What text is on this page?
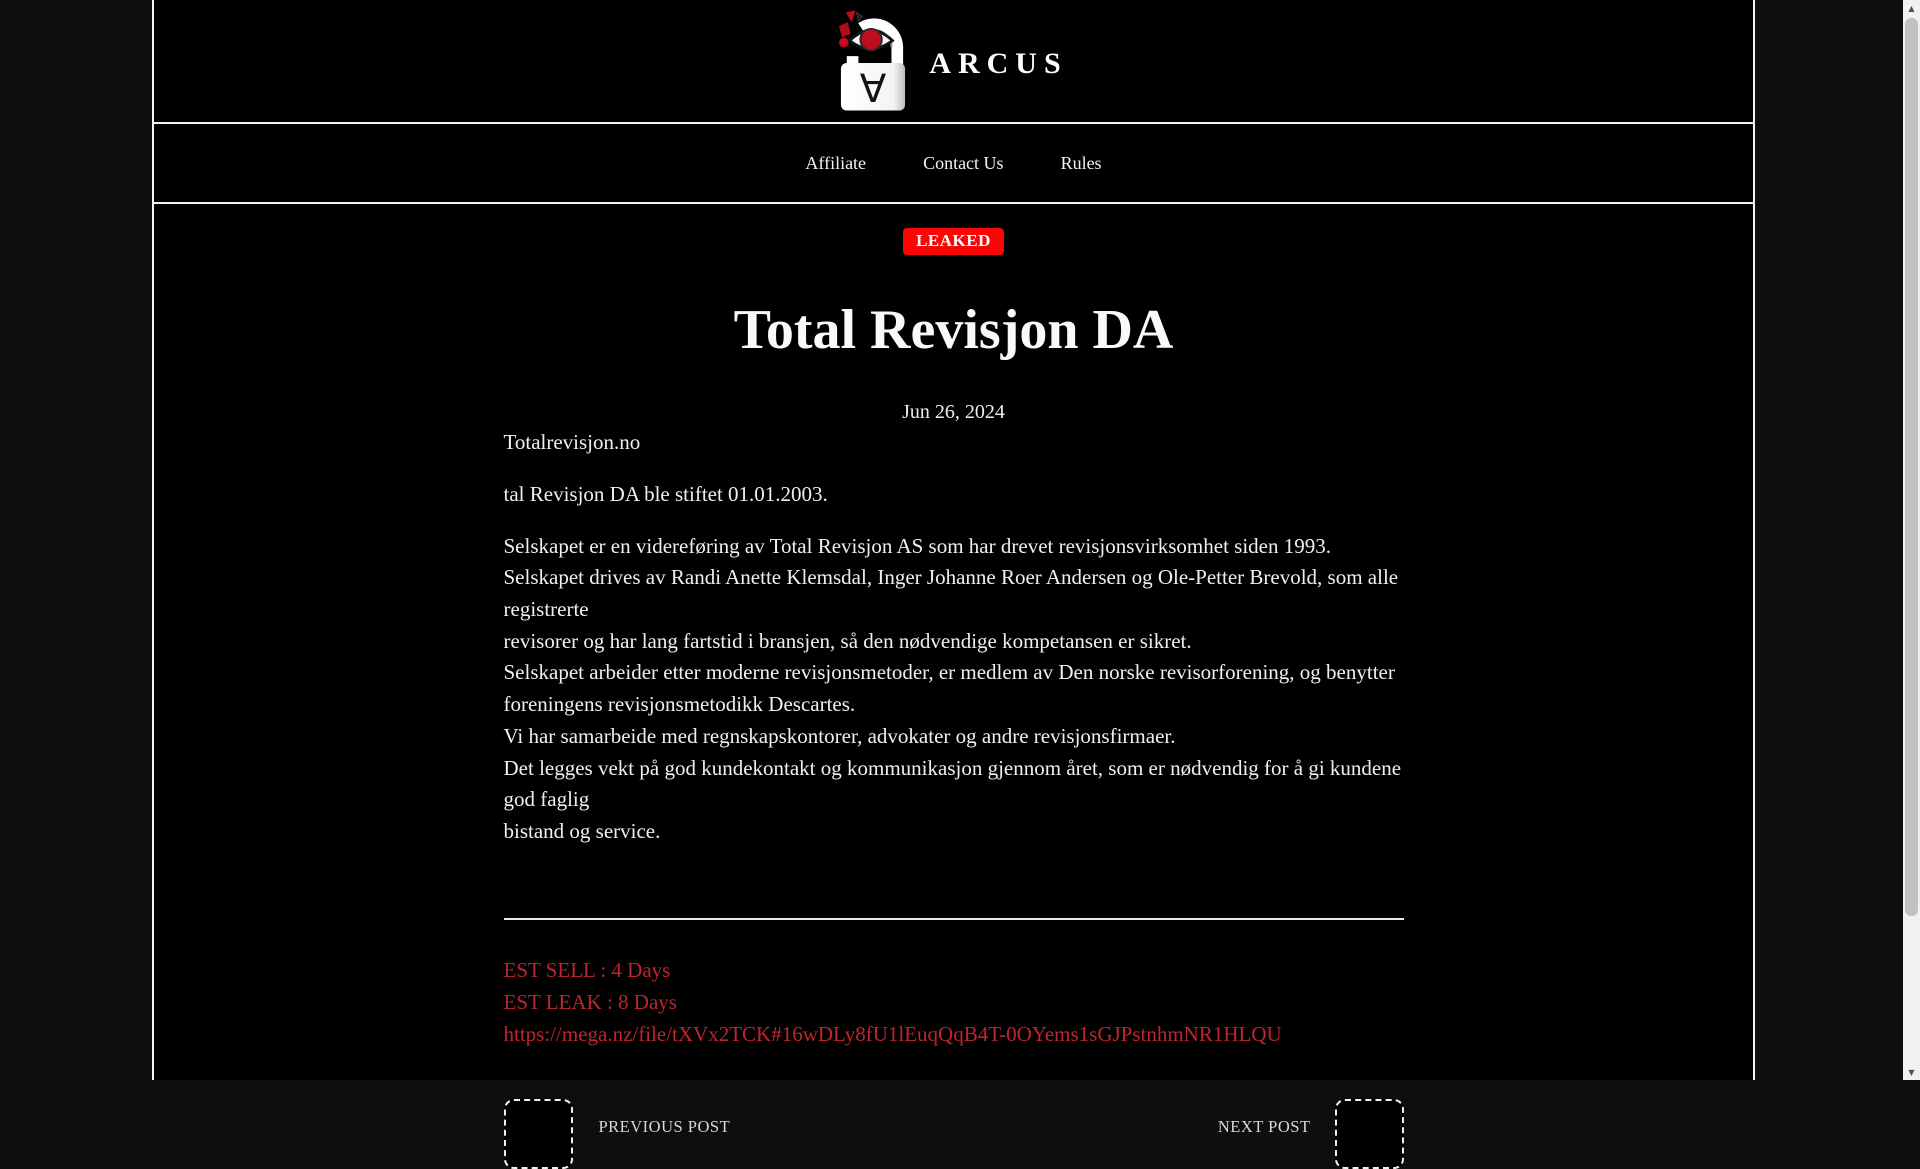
∀
ARCUS
Affiliate	Contact Us	Rules
LEAKED
Total Revisjon DA
Jun 26, 2024
Totalrevisjon.no
tal Revisjon DA ble stiftet 01.01.2003.
Selskapet er en videreføring av Total Revisjon AS som har drevet revisjonsvirksomhet siden 1993.
Selskapet drives av Randi Anette Klemsdal, Inger Johanne Roer Andersen og Ole-Petter Brevold, som alle registrerte
revisorer og har lang fartstid i bransjen, så den nødvendige kompetansen er sikret.
Selskapet arbeider etter moderne revisjonsmetoder, er medlem av Den norske revisorforening, og benytter
foreningens revisjonsmetodikk Descartes.
Vi har samarbeide med regnskapskontorer, advokater og andre revisjonsfirmaer.
Det legges vekt på god kundekontakt og kommunikasjon gjennom året, som er nødvendig for å gi kundene god faglig
bistand og service.
EST SELL : 4 Days
EST LEAK : 8 Days
https://mega.nz/file/tXVx2TCK#16wDLy8fU1lEuqQqB4T-0OYems1sGJPstnhmNR1HLQU
PREVIOUS POST	NEXT POST
▲
▼
